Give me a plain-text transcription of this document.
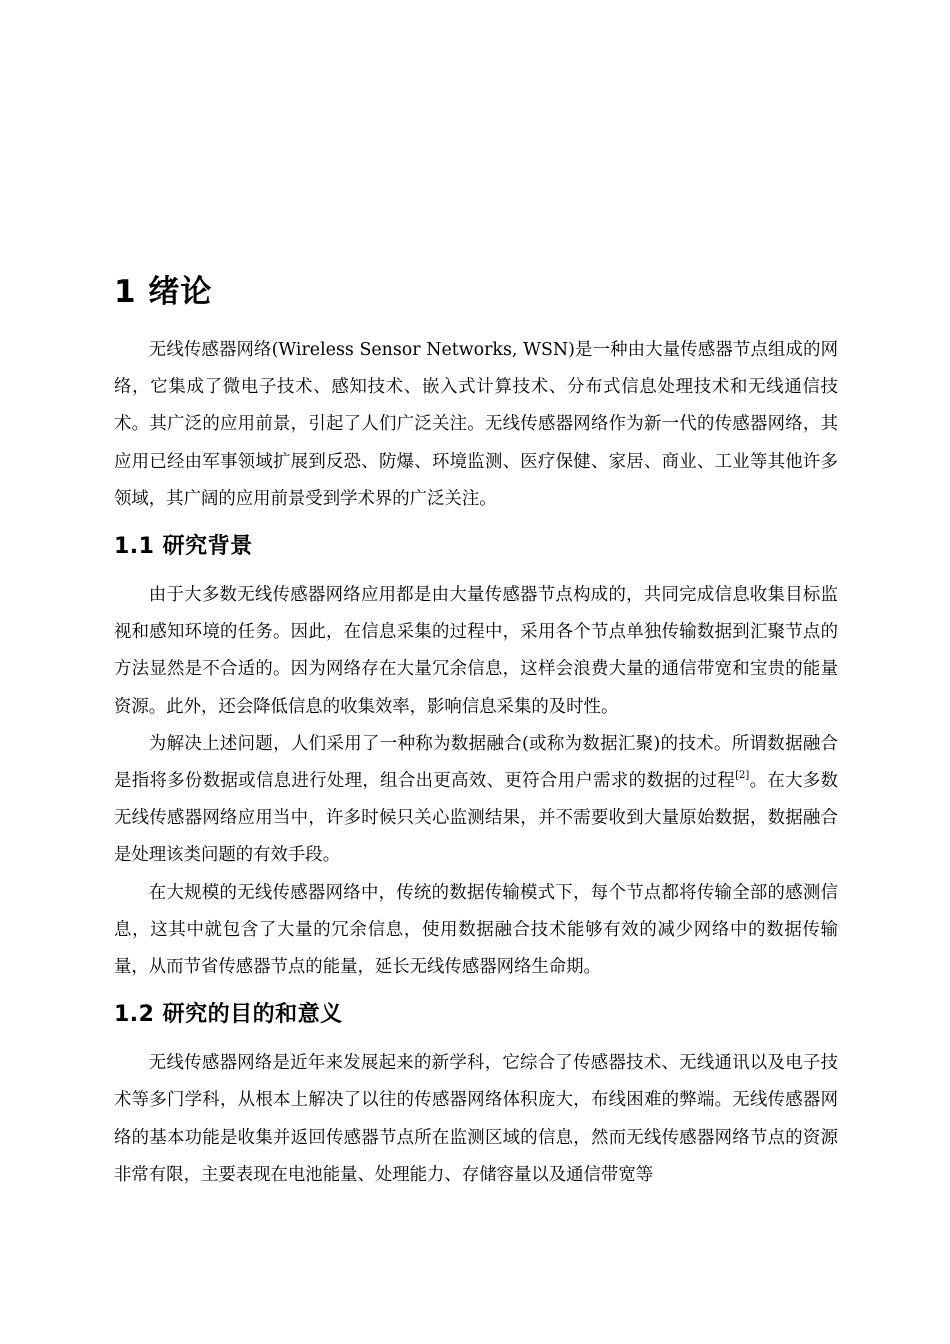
1 绪论

无线传感器网络(Wireless Sensor Networks, WSN)是一种由大量传感器节点组成的网络，它集成了微电子技术、感知技术、嵌入式计算技术、分布式信息处理技术和无线通信技术。其广泛的应用前景，引起了人们广泛关注。无线传感器网络作为新一代的传感器网络，其应用已经由军事领域扩展到反恐、防爆、环境监测、医疗保健、家居、商业、工业等其他许多领域，其广阔的应用前景受到学术界的广泛关注。

1.1 研究背景

由于大多数无线传感器网络应用都是由大量传感器节点构成的，共同完成信息收集目标监视和感知环境的任务。因此，在信息采集的过程中，采用各个节点单独传输数据到汇聚节点的方法显然是不合适的。因为网络存在大量冗余信息，这样会浪费大量的通信带宽和宝贵的能量资源。此外，还会降低信息的收集效率，影响信息采集的及时性。

为解决上述问题，人们采用了一种称为数据融合(或称为数据汇聚)的技术。所谓数据融合是指将多份数据或信息进行处理，组合出更高效、更符合用户需求的数据的过程[2]。在大多数无线传感器网络应用当中，许多时候只关心监测结果，并不需要收到大量原始数据，数据融合是处理该类问题的有效手段。

在大规模的无线传感器网络中，传统的数据传输模式下，每个节点都将传输全部的感测信息，这其中就包含了大量的冗余信息，使用数据融合技术能够有效的减少网络中的数据传输量，从而节省传感器节点的能量，延长无线传感器网络生命期。

1.2 研究的目的和意义

无线传感器网络是近年来发展起来的新学科，它综合了传感器技术、无线通讯以及电子技术等多门学科，从根本上解决了以往的传感器网络体积庞大，布线困难的弊端。无线传感器网络的基本功能是收集并返回传感器节点所在监测区域的信息，然而无线传感器网络节点的资源非常有限，主要表现在电池能量、处理能力、存储容量以及通信带宽等
